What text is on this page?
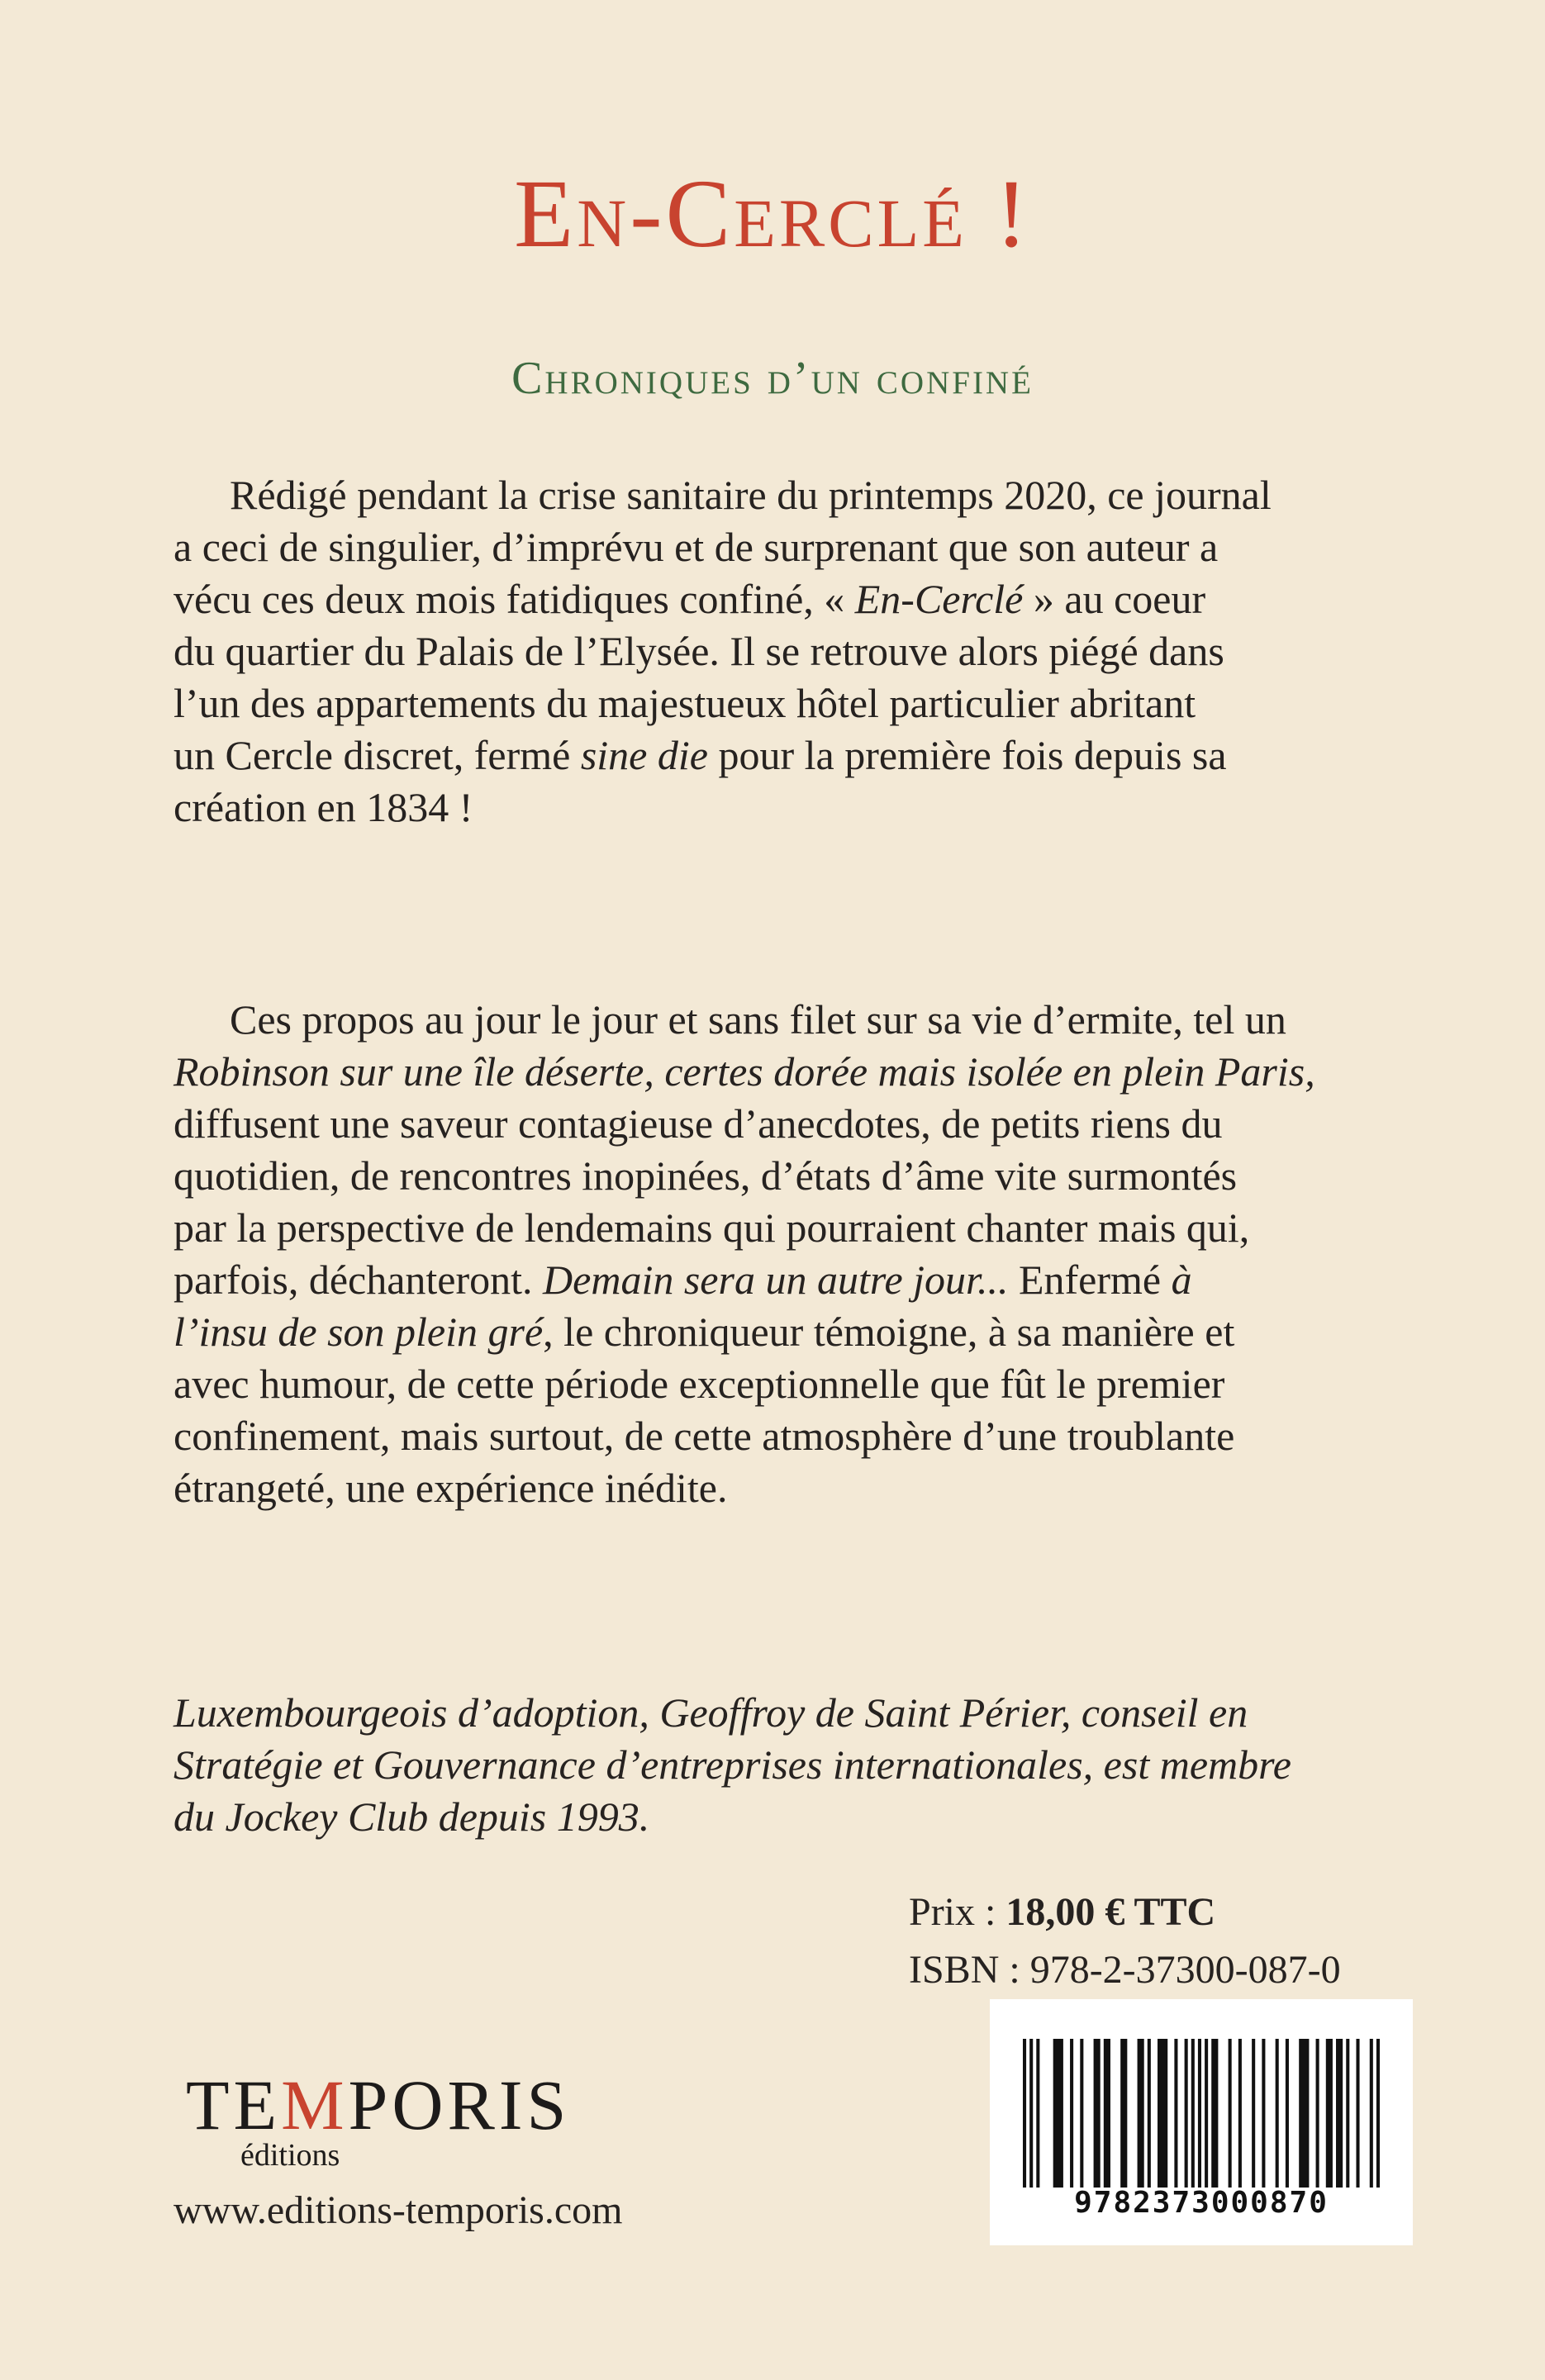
En-Cerclé !
Chroniques d’un confiné

Rédigé pendant la crise sanitaire du printemps 2020, ce journal
a ceci de singulier, d’imprévu et de surprenant que son auteur a
vécu ces deux mois fatidiques confiné, « En-Cerclé » au coeur
du quartier du Palais de l’Elysée. Il se retrouve alors piégé dans
l’un des appartements du majestueux hôtel particulier abritant
un Cercle discret, fermé sine die pour la première fois depuis sa
création en 1834 !

Ces propos au jour le jour et sans filet sur sa vie d’ermite, tel un
Robinson sur une île déserte, certes dorée mais isolée en plein Paris,
diffusent une saveur contagieuse d’anecdotes, de petits riens du
quotidien, de rencontres inopinées, d’états d’âme vite surmontés
par la perspective de lendemains qui pourraient chanter mais qui,
parfois, déchanteront. Demain sera un autre jour... Enfermé à
l’insu de son plein gré, le chroniqueur témoigne, à sa manière et
avec humour, de cette période exceptionnelle que fût le premier
confinement, mais surtout, de cette atmosphère d’une troublante
étrangeté, une expérience inédite.

Luxembourgeois d’adoption, Geoffroy de Saint Périer, conseil en
Stratégie et Gouvernance d’entreprises internationales, est membre
du Jockey Club depuis 1993.

Prix : 18,00 € TTC
ISBN : 978-2-37300-087-0
9782373000870
TEMPORIS
éditions
www.editions-temporis.com
